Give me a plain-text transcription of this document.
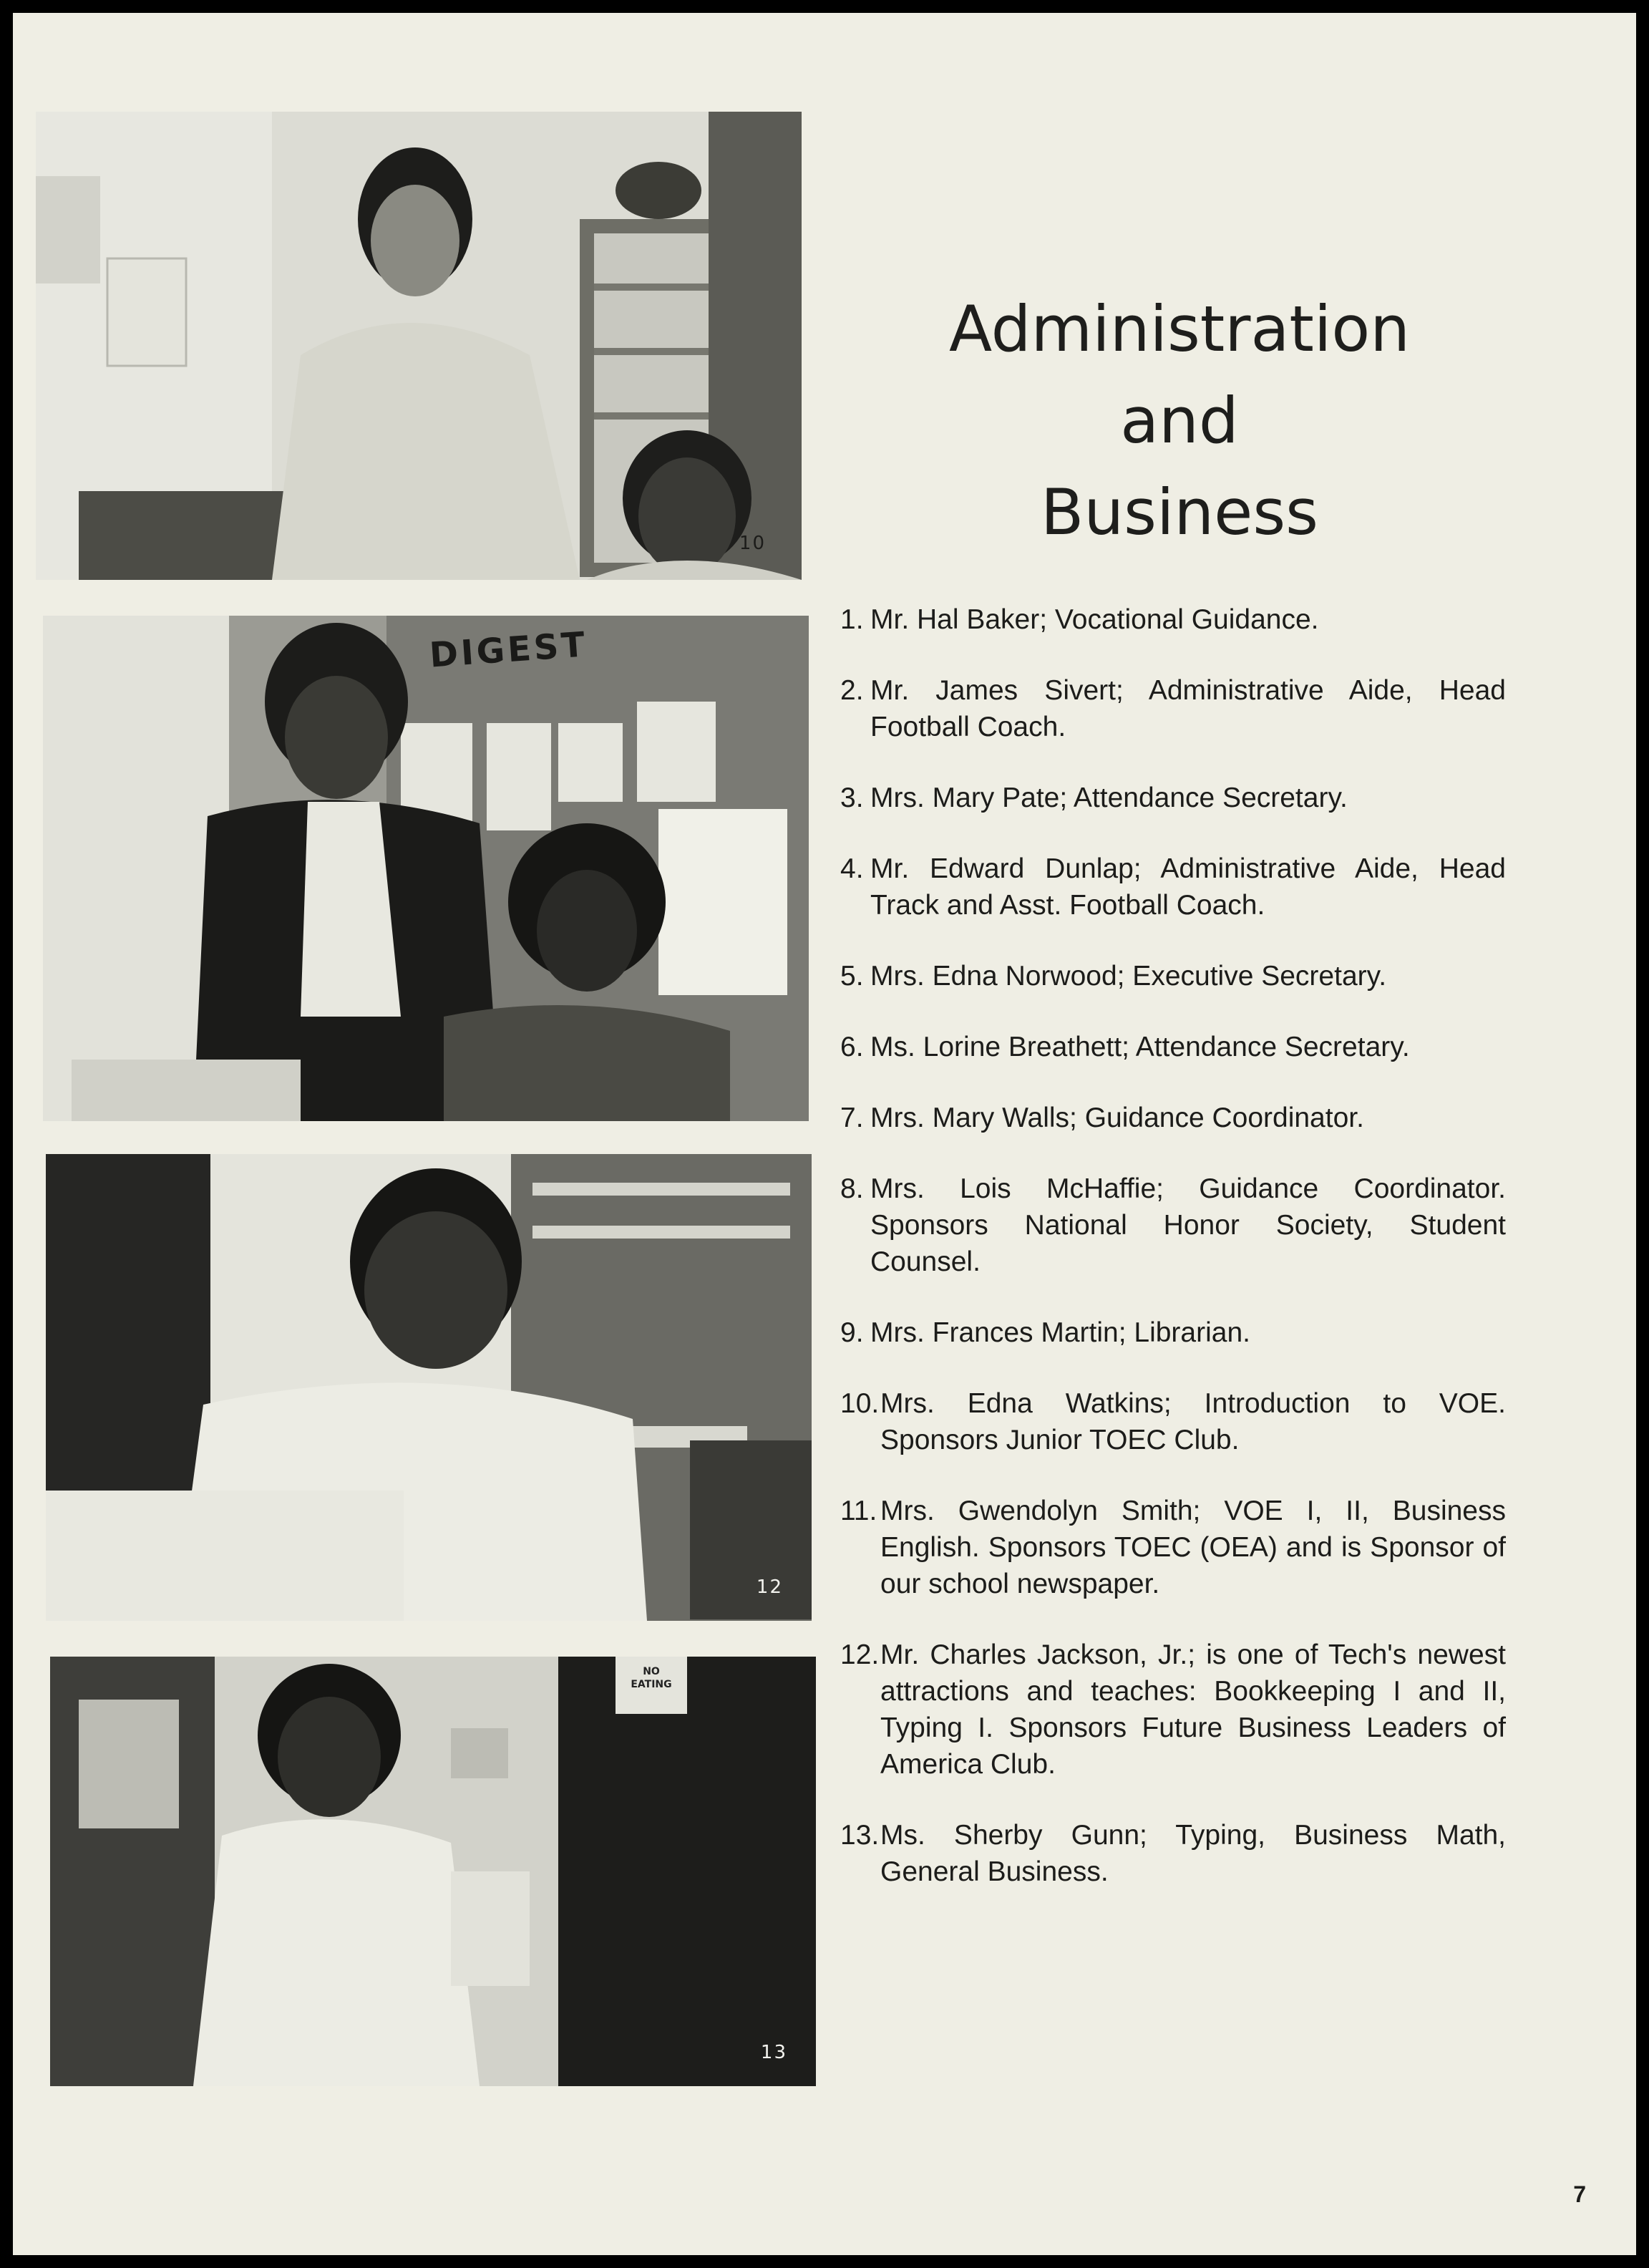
10
DIGEST
12
NO EATING
13
Administration
and
Business
1. Mr. Hal Baker; Vocational Guidance.
2. Mr. James Sivert; Administrative Aide, Head Football Coach.
3. Mrs. Mary Pate; Attendance Secretary.
4. Mr. Edward Dunlap; Administrative Aide, Head Track and Asst. Football Coach.
5. Mrs. Edna Norwood; Executive Secretary.
6. Ms. Lorine Breathett; Attendance Secretary.
7. Mrs. Mary Walls; Guidance Coordinator.
8. Mrs. Lois McHaffie; Guidance Coordinator. Sponsors National Honor Society, Student Counsel.
9. Mrs. Frances Martin; Librarian.
10. Mrs. Edna Watkins; Introduction to VOE. Sponsors Junior TOEC Club.
11. Mrs. Gwendolyn Smith; VOE I, II, Business English. Sponsors TOEC (OEA) and is Sponsor of our school newspaper.
12. Mr. Charles Jackson, Jr.; is one of Tech's newest attractions and teaches: Bookkeeping I and II, Typing I. Sponsors Future Business Leaders of America Club.
13. Ms. Sherby Gunn; Typing, Business Math, General Business.
7
